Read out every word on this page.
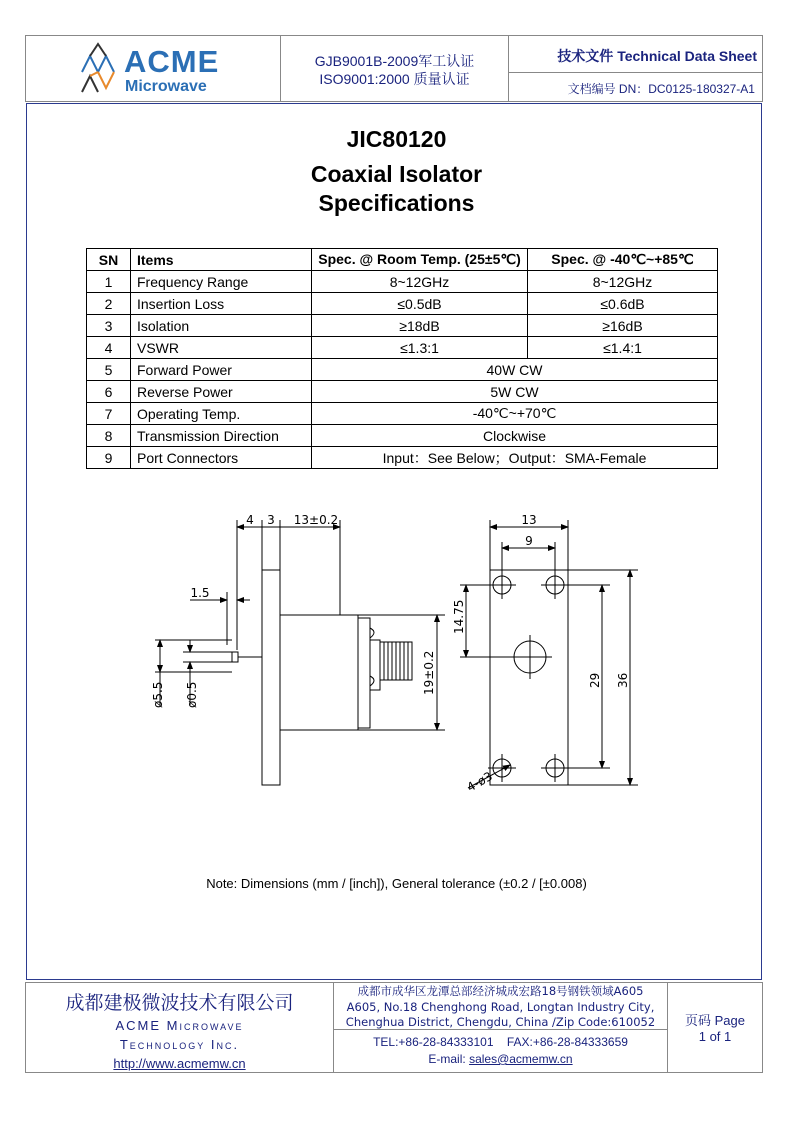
ACME
Microwave
GJB9001B-2009军工认证
ISO9001:2000 质量认证
技术文件 Technical Data Sheet
文档编号 DN：DC0125-180327-A1
JIC80120
Coaxial Isolator
Specifications
SN	Items	Spec. @ Room Temp. (25±5℃)	Spec. @ -40℃~+85℃
1	Frequency Range	8~12GHz	8~12GHz
2	Insertion Loss	≤0.5dB	≤0.6dB
3	Isolation	≥18dB	≥16dB
4	VSWR	≤1.3:1	≤1.4:1
5	Forward Power	40W CW	
6	Reverse Power	5W CW	
7	Operating Temp.	-40℃~+70℃	
8	Transmission Direction	Clockwise	
9	Port Connectors	Input：See Below；Output：SMA-Female	
4 3 13±0.2
1.5
ø5.5 ø0.5	19±0.2
13
9
14.75
29 36
4-ø3
Note: Dimensions (mm / [inch]), General tolerance (±0.2 / [±0.008)
成都建极微波技术有限公司
ACME Microwave
Technology Inc.
http://www.acmemw.cn
成都市成华区龙潭总部经济城成宏路18号钢铁领域A605
A605, No.18 Chenghong Road, Longtan Industry City,
Chenghua District, Chengdu, China /Zip Code:610052
TEL:+86-28-84333101    FAX:+86-28-84333659
E-mail: sales@acmemw.cn
页码 Page
1 of 1
